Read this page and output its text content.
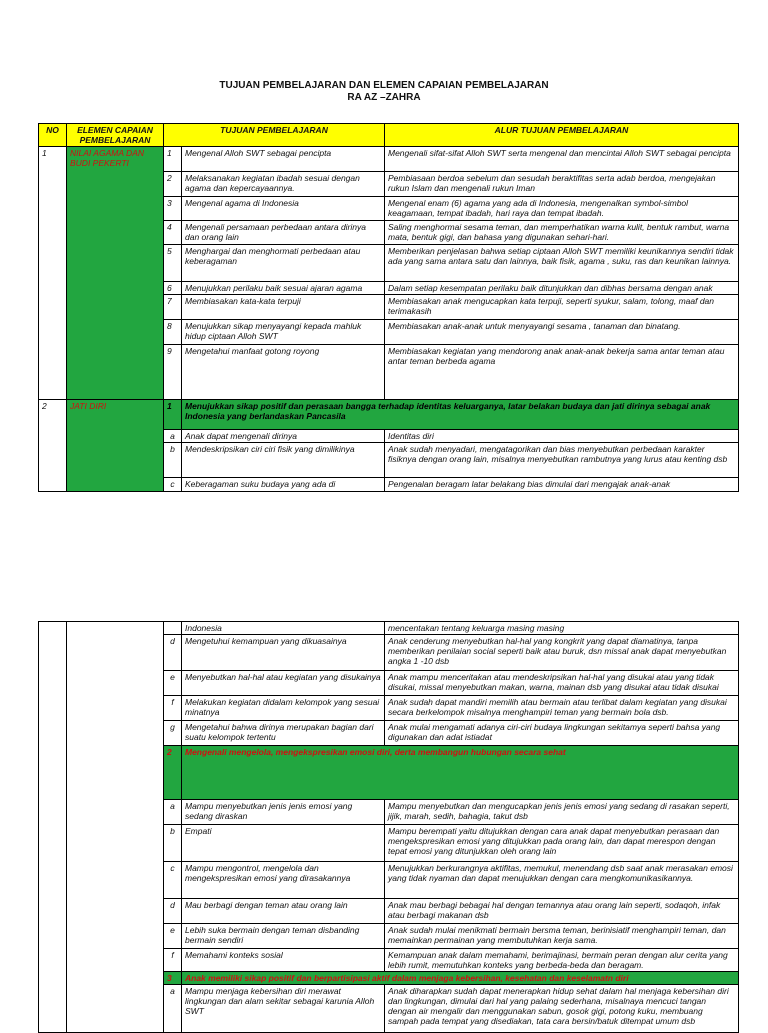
TUJUAN PEMBELAJARAN DAN ELEMEN CAPAIAN PEMBELAJARAN
RA AZ –ZAHRA
NO	ELEMEN CAPAIAN PEMBELAJARAN	TUJUAN PEMBELAJARAN		ALUR TUJUAN PEMBELAJARAN
1	NILAI AGAMA DAN BUDI PEKERTI	1	Mengenal Alloh SWT sebagai pencipta	Mengenali sifat-sifat Alloh SWT serta mengenal dan mencintai Alloh SWT sebagai pencipta
		2	Melaksanakan kegiatan ibadah sesuai dengan agama dan kepercayaannya.	Pembiasaan berdoa sebelum dan sesudah beraktifitas serta adab berdoa, mengejakan rukun Islam dan mengenali rukun Iman
		3	Mengenal agama di Indonesia	Mengenal enam (6) agama yang ada di Indonesia, mengenalkan symbol-simbol keagamaan, tempat ibadah, hari raya dan tempat ibadah.
		4	Mengenali persamaan perbedaan antara dirinya dan orang lain	Saling menghormai sesama teman, dan memperhatikan warna kulit, bentuk rambut, warna mata, bentuk gigi, dan bahasa yang digunakan sehari-hari.
		5	Menghargai dan menghormati perbedaan atau keberagaman	Memberikan penjelasan bahwa setiap ciptaan Alloh SWT memiliki keunikannya sendiri tidak ada yang sama antara satu dan lainnya, baik fisik, agama , suku, ras dan keunikan lainnya.
		6	Menujukkan perilaku baik sesuai ajaran agama	Dalam setiap kesempatan perilaku baik ditunjukkan dan dibhas bersama dengan anak
		7	Membiasakan kata-kata terpuji	Membiasakan anak mengucapkan kata terpuji, seperti syukur, salam, tolong, maaf dan terimakasih
		8	Menujukkan sikap menyayangi kepada mahluk hidup ciptaan Alloh SWT	Membiasakan anak-anak untuk menyayangi sesama , tanaman dan binatang.
		9	Mengetahui manfaat gotong royong	Membiasakan kegiatan yang mendorong anak anak-anak bekerja sama antar teman atau antar teman berbeda agama
2	JATI DIRI	1	Menujukkan sikap positif dan perasaan bangga terhadap identitas keluarganya, latar belakan budaya dan jati dirinya sebagai anak Indonesia yang berlandaskan Pancasila	
		a	Anak dapat mengenali dirinya	Identitas diri
		b	Mendeskripsikan ciri ciri fisik yang dimilikinya	Anak sudah menyadari, mengatagorikan dan bias menyebutkan perbedaan karakter fisiknya dengan orang lain, misalnya menyebutkan rambutnya yang lurus atau kenting dsb
		c	Keberagaman suku budaya yang ada di	Pengenalan beragam latar belakang bias dimulai dari mengajak anak-anak
			Indonesia	mencentakan tentang keluarga masing masing
		d	Mengetuhui kemampuan yang dikuasainya	Anak cenderung menyebutkan hal-hal yang kongkrit yang dapat diamatinya, tanpa memberikan penilaian social seperti baik atau buruk, dsn missal anak dapat menyebutkan angka 1 -10 dsb
		e	Menyebutkan hal-hal atau kegiatan yang disukainya	Anak mampu menceritakan atau mendeskripsikan hal-hal yang disukai atau yang tidak disukai, missal menyebutkan makan, warna, mainan dsb yang disukai atau tidak disukai
		f	Melakukan kegiatan didalam kelompok yang sesuai minatnya	Anak sudah dapat mandiri memilih atau bermain atau terlibat dalam kegiatan yang disukai secara berkelompok misalnya menghampiri teman yang bermain bola dsb.
		g	Mengetahui bahwa dirinya merupakan bagian dari suatu kelompok tertentu	Anak mulai mengamati adanya ciri-ciri budaya lingkungan sekitamya seperti bahsa yang digunakan dan adat istiadat
		2	Mengenali mengelola, mengekspresikan emosi diri, derta membangun hubungan secara sehat	
		a	Mampu menyebutkan jenis jenis emosi yang sedang diraskan	Mampu menyebutkan dan mengucapkan jenis jenis emosi yang sedang di rasakan seperti, jijik, marah, sedih, bahagia, takut dsb
		b	Empati	Mampu berempati yaitu ditujukkan dengan cara anak dapat menyebutkan perasaan dan mengekspresikan emosi yang ditujukkan pada orang lain, dan dapat merespon dengan tepat emosi yang ditunjukkan oleh orang lain
		c	Mampu mengontrol, mengelola dan mengekspresikan emosi yang dirasakannya	Menujukkan berkurangnya aktifitas, memukul, menendang dsb saat anak merasakan emosi yang tidak nyaman dan dapat menujukkan dengan cara mengkomunikasikannya.
		d	Mau berbagi dengan teman atau orang lain	Anak mau berbagi bebagai hal dengan temannya atau orang lain seperti, sodaqoh, infak atau berbagi makanan dsb
		e	Lebih suka bermain dengan teman disbanding bermain sendiri	Anak sudah mulai menikmati bermain bersma teman, berinisiatif menghampiri teman, dan memainkan permainan yang membutuhkan kerja sama.
		f	Memahami konteks sosial	Kemampuan anak dalam memahami, berimajinasi, bermain peran dengan alur cerita yang lebih rumit, memutuhkan konteks yang berbeda-beda dan beragam.
		3	Anak memiliki sikap positif dan berpartisipasi aktif dalam menjaga kebersihan, kesehatan dan keselamatn diri	
		a	Mampu menjaga kebersihan diri merawat lingkungan dan alam sekitar sebagai karunia Alloh SWT	Anak diharapkan sudah dapat menerapkan hidup sehat dalam hal menjaga kebersihan diri dan lingkungan, dimulai dari hal yang palaing sederhana, misalnaya mencuci tangan dengan air mengalir dan menggunakan sabun, gosok gigi, potong kuku, membuang sampah pada tempat yang disediakan, tata cara bersin/batuk ditempat umum dsb
